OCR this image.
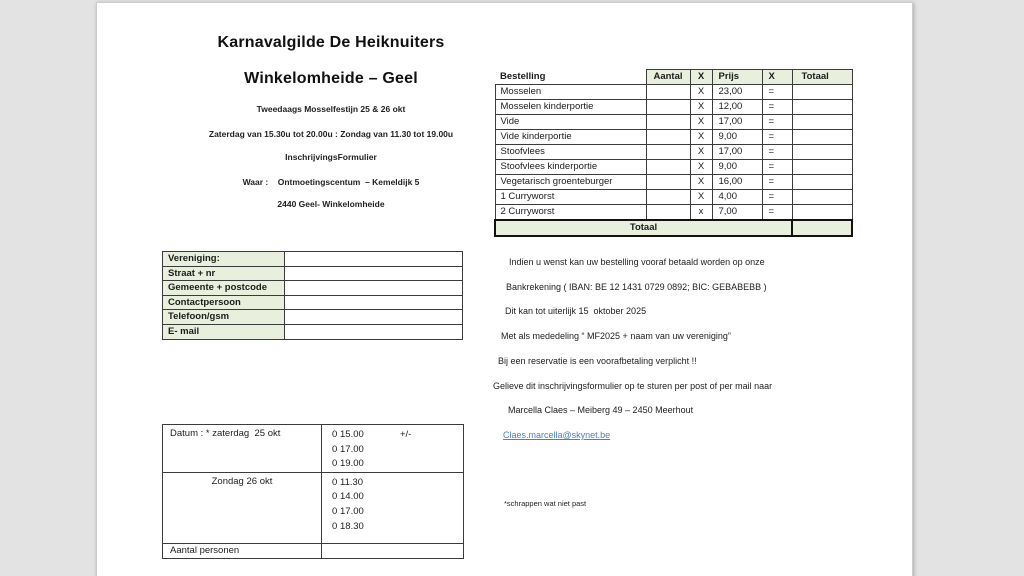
Karnavalgilde De Heiknuiters
Winkelomheide – Geel
Tweedaags Mosselfestijn 25 & 26 okt
Zaterdag van 15.30u tot 20.00u : Zondag van 11.30 tot 19.00u
InschrijvingsFormulier
Waar :    Ontmoetingscentum  – Kemeldijk 5
2440 Geel- Winkelomheide
Bestelling	Aantal	X	Prijs	X	Totaal
Mosselen		X	23,00	=	
Mosselen kinderportie		X	12,00	=	
Vide		X	17,00	=	
Vide kinderportie		X	9,00	=	
Stoofvlees		X	17,00	=	
Stoofvlees kinderportie		X	9,00	=	
Vegetarisch groenteburger		X	16,00	=	
1 Curryworst		X	4,00	=	
2 Curryworst		x	7,00	=	
Totaal					
Vereniging:	
Straat + nr	
Gemeente + postcode	
Contactpersoon	
Telefoon/gsm	
E- mail	
Indien u wenst kan uw bestelling vooraf betaald worden op onze
Bankrekening ( IBAN: BE 12 1431 0729 0892; BIC: GEBABEBB )
Dit kan tot uiterlijk 15  oktober 2025
Met als mededeling “ MF2025 + naam van uw vereniging”
Bij een reservatie is een voorafbetaling verplicht !!
Gelieve dit inschrijvingsformulier op te sturen per post of per mail naar
Marcella Claes – Meiberg 49 – 2450 Meerhout
Claes.marcella@skynet.be
*schrappen wat niet past
Datum : * zaterdag  25 okt	0 15.00 +/-
0 17.00
0 19.00

Zondag 26 okt	0 11.30
0 14.00
0 17.00
0 18.30

Aantal personen	
